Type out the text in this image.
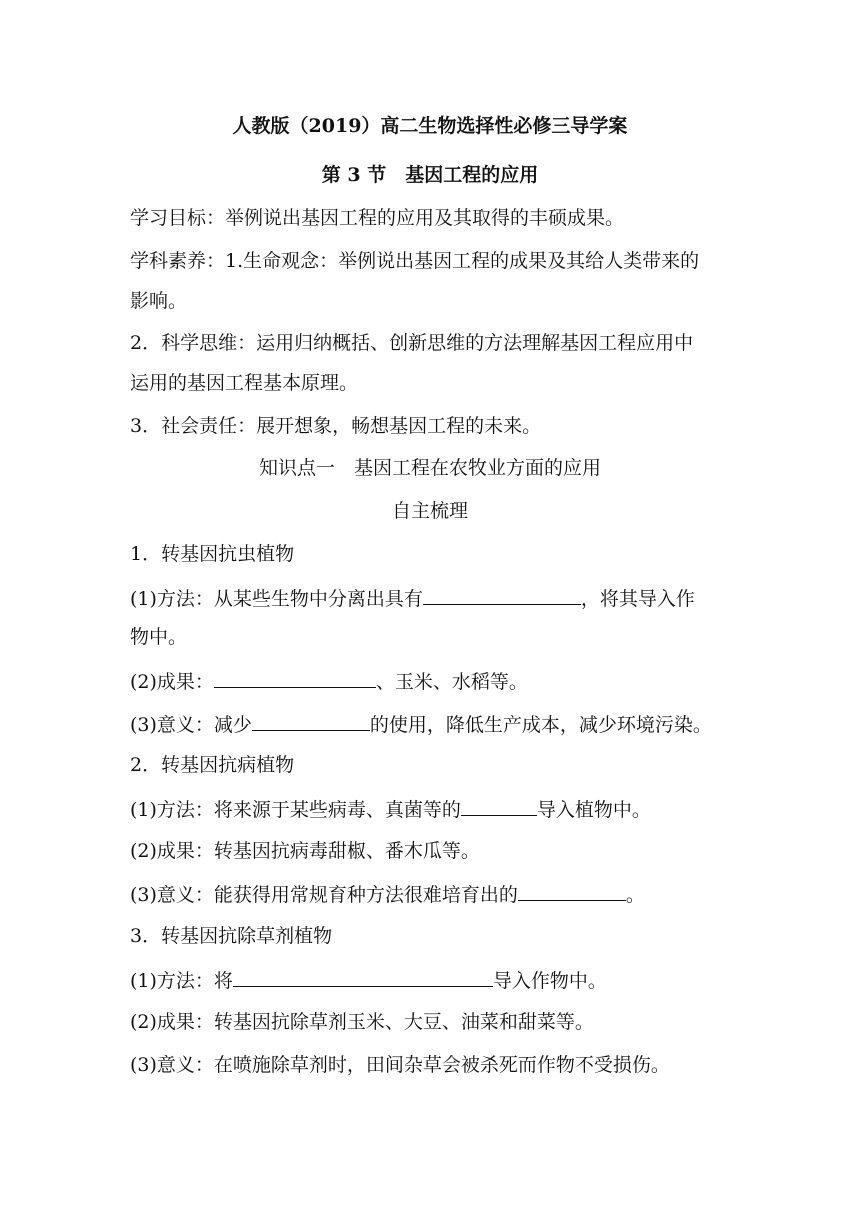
人教版（2019）高二生物选择性必修三导学案
第 3 节　基因工程的应用
学习目标：举例说出基因工程的应用及其取得的丰硕成果。
学科素养：1.生命观念：举例说出基因工程的成果及其给人类带来的
影响。
2．科学思维：运用归纳概括、创新思维的方法理解基因工程应用中
运用的基因工程基本原理。
3．社会责任：展开想象，畅想基因工程的未来。
知识点一　基因工程在农牧业方面的应用
自主梳理
1．转基因抗虫植物
(1)方法：从某些生物中分离出具有	，将其导入作
物中。
(2)成果：	、玉米、水稻等。
(3)意义：减少	的使用，降低生产成本，减少环境污染。
2．转基因抗病植物
(1)方法：将来源于某些病毒、真菌等的	导入植物中。
(2)成果：转基因抗病毒甜椒、番木瓜等。
(3)意义：能获得用常规育种方法很难培育出的	。
3．转基因抗除草剂植物
(1)方法：将	导入作物中。
(2)成果：转基因抗除草剂玉米、大豆、油菜和甜菜等。
(3)意义：在喷施除草剂时，田间杂草会被杀死而作物不受损伤。
